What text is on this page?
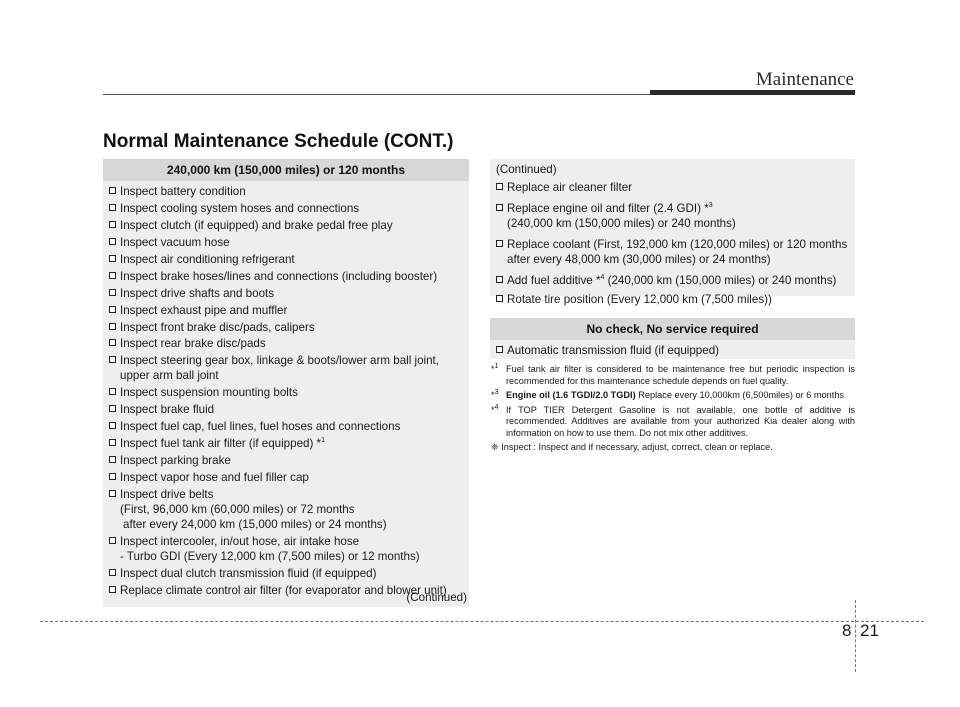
Maintenance
Normal Maintenance Schedule (CONT.)
240,000 km (150,000 miles) or 120 months
Inspect battery condition
Inspect cooling system hoses and connections
Inspect clutch (if equipped) and brake pedal free play
Inspect vacuum hose
Inspect air conditioning refrigerant
Inspect brake hoses/lines and connections (including booster)
Inspect drive shafts and boots
Inspect exhaust pipe and muffler
Inspect front brake disc/pads, calipers
Inspect rear brake disc/pads
Inspect steering gear box, linkage & boots/lower arm ball joint, upper arm ball joint
Inspect suspension mounting bolts
Inspect brake fluid
Inspect fuel cap, fuel lines, fuel hoses and connections
Inspect fuel tank air filter (if equipped) *$^1$
Inspect parking brake
Inspect vapor hose and fuel filler cap
Inspect drive belts
(First, 96,000 km (60,000 miles) or 72 months
after every 24,000 km (15,000 miles) or 24 months)
Inspect intercooler, in/out hose, air intake hose
- Turbo GDI (Every 12,000 km (7,500 miles) or 12 months)
Inspect dual clutch transmission fluid (if equipped)
Replace climate control air filter (for evaporator and blower unit)
(Continued)
(Continued)
Replace air cleaner filter
Replace engine oil and filter (2.4 GDI) *$^3$
(240,000 km (150,000 miles) or 240 months)
Replace coolant (First, 192,000 km (120,000 miles) or 120 months after every 48,000 km (30,000 miles) or 24 months)
Add fuel additive *$^4$ (240,000 km (150,000 miles) or 240 months)
Rotate tire position (Every 12,000 km (7,500 miles))
No check, No service required
Automatic transmission fluid (if equipped)
*$^1$ Fuel tank air filter is considered to be maintenance free but periodic inspection is recommended for this maintenance schedule depends on fuel quality.
*$^3$ Engine oil (1.6 TGDI/2.0 TGDI) Replace every 10,000km (6,500miles) or 6 months
*$^4$ If TOP TIER Detergent Gasoline is not available, one bottle of additive is recommended. Additives are available from your authorized Kia dealer along with information on how to use them. Do not mix other additives.
❈ Inspect : Inspect and if necessary, adjust, correct, clean or replace.
8 21
